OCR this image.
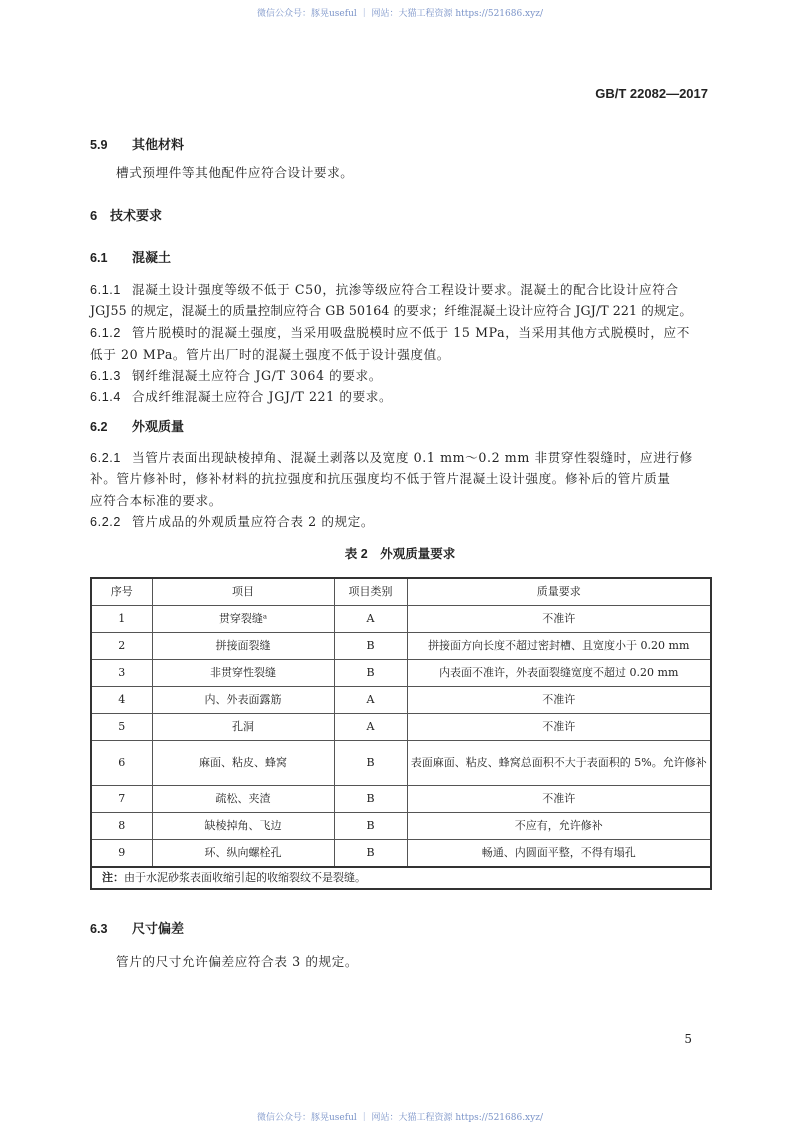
微信公众号：豚晃useful ｜ 网站：大猫工程资源 https://521686.xyz/
GB/T 22082—2017
5.9 其他材料
槽式预埋件等其他配件应符合设计要求。
6 技术要求
6.1 混凝土
6.1.1 混凝土设计强度等级不低于 C50，抗渗等级应符合工程设计要求。混凝土的配合比设计应符合
JGJ55 的规定，混凝土的质量控制应符合 GB 50164 的要求；纤维混凝土设计应符合 JGJ/T 221 的规定。
6.1.2 管片脱模时的混凝土强度，当采用吸盘脱模时应不低于 15 MPa，当采用其他方式脱模时，应不
低于 20 MPa。管片出厂时的混凝土强度不低于设计强度值。
6.1.3 钢纤维混凝土应符合 JG/T 3064 的要求。
6.1.4 合成纤维混凝土应符合 JGJ/T 221 的要求。
6.2 外观质量
6.2.1 当管片表面出现缺棱掉角、混凝土剥落以及宽度 0.1 mm～0.2 mm 非贯穿性裂缝时，应进行修
补。管片修补时，修补材料的抗拉强度和抗压强度均不低于管片混凝土设计强度。修补后的管片质量
应符合本标准的要求。
6.2.2 管片成品的外观质量应符合表 2 的规定。
表 2　外观质量要求
序号	项目	项目类别	质量要求
1	贯穿裂缝ᵃ	A	不准许
2	拼接面裂缝	B	拼接面方向长度不超过密封槽、且宽度小于 0.20 mm
3	非贯穿性裂缝	B	内表面不准许，外表面裂缝宽度不超过 0.20 mm
4	内、外表面露筋	A	不准许
5	孔洞	A	不准许
6	麻面、粘皮、蜂窝	B	表面麻面、粘皮、蜂窝总面积不大于表面积的 5%。允许修补
7	疏松、夹渣	B	不准许
8	缺棱掉角、飞边	B	不应有，允许修补
9	环、纵向螺栓孔	B	畅通、内圆面平整，不得有塌孔
注：由于水泥砂浆表面收缩引起的收缩裂纹不是裂缝。			
6.3 尺寸偏差
管片的尺寸允许偏差应符合表 3 的规定。
5
微信公众号：豚晃useful ｜ 网站：大猫工程资源 https://521686.xyz/
